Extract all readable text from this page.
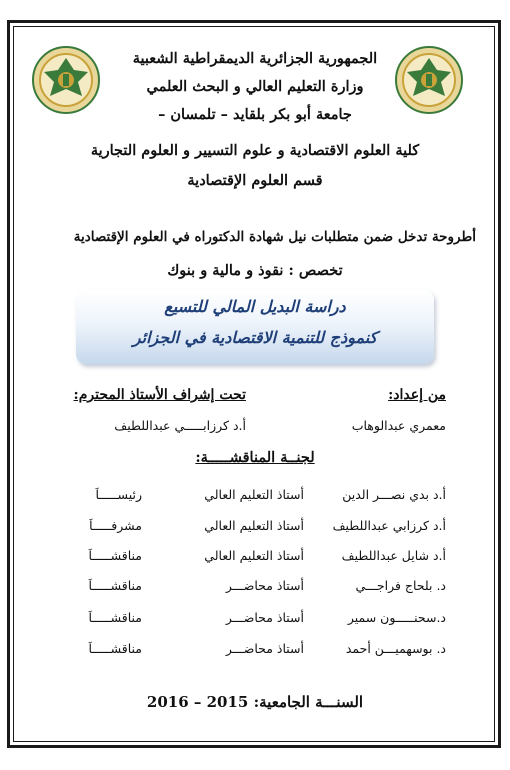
الجمهورية الجزائرية الديمقراطية الشعبية
وزارة التعليم العالي و البحث العلمي
جامعة أبو بكر بلقايد – تلمسان –
كلية العلوم الاقتصادية و علوم التسيير و العلوم التجارية
قسم العلوم الإقتصادية
أطروحة تدخل ضمن متطلبات نيل شهادة الدكتوراه في العلوم الإقتصادية
تخصص : نقوذ و مالية و بنوك
دراسة البديل المالي للتسيع
كنموذج للتنمية الاقتصادية في الجزائر
من إعداد:
تحت إشراف الأستاذ المحترم:
معمري عبدالوهاب
أ.د كرزابـــــي عبداللطيف
لجنــة المناقشـــــة:
أ.د بدي نصـــر الدين
أستاذ التعليم العالي
رئيســـــاَ
أ.د كرزابي عبداللطيف
أستاذ التعليم العالي
مشرفـــــاَ
أ.د شايل عبداللطيف
أستاذ التعليم العالي
مناقشـــــاَ
د. بلحاج فراجـــي
أستاذ محاضـــر
مناقشـــــاَ
د.سحنـــــون سمير
أستاذ محاضـــر
مناقشـــــاَ
د. بوسهميـــن أحمد
أستاذ محاضـــر
مناقشـــــاَ
السنـــة الجامعية: 2015 – 2016
